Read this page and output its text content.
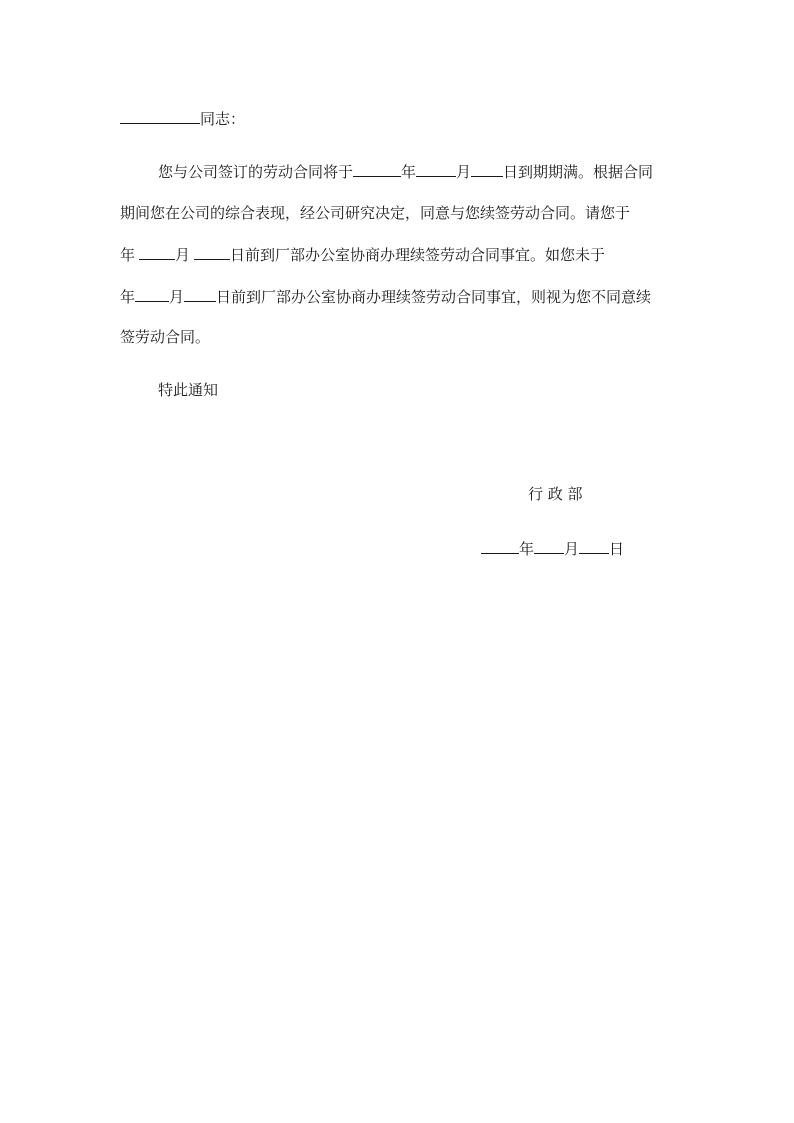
同志：
您与公司签订的劳动合同将于	年	月 日到期期满。根据合同
期间您在公司的综合表现，经公司研究决定，同意与您续签劳动合同。请您于
年	月	日前到厂部办公室协商办理续签劳动合同事宜。如您未于
年 月 日前到厂部办公室协商办理续签劳动合同事宜，则视为您不同意续
签劳动合同。
特此通知
行 政 部
年 月 日
